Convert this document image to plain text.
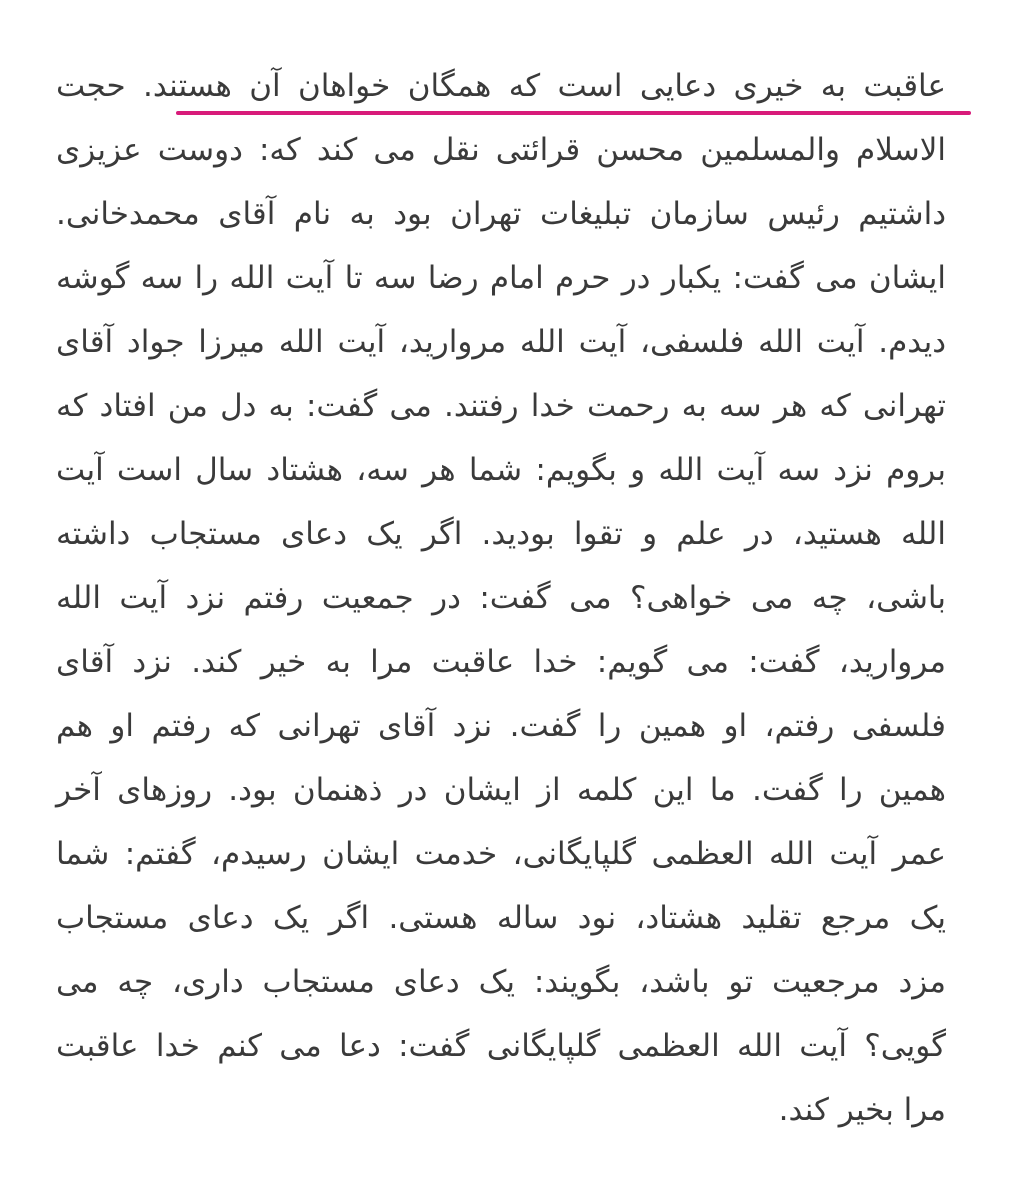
عاقبت به خیری دعایی است که همگان خواهان آن هستند. حجت
الاسلام والمسلمین محسن قرائتی نقل می کند که: دوست عزیزی
داشتیم رئیس سازمان تبلیغات تهران بود به نام آقای محمدخانی.
ایشان می گفت: یکبار در حرم امام رضا سه تا آیت الله را سه گوشه
دیدم. آیت الله فلسفی، آیت الله مروارید، آیت الله میرزا جواد آقای
تهرانی که هر سه به رحمت خدا رفتند. می گفت: به دل من افتاد که
بروم نزد سه آیت الله و بگویم: شما هر سه، هشتاد سال است آیت
الله هستید، در علم و تقوا بودید. اگر یک دعای مستجاب داشته
باشی، چه می خواهی؟ می گفت: در جمعیت رفتم نزد آیت الله
مروارید، گفت: می گویم: خدا عاقبت مرا به خیر کند. نزد آقای
فلسفی رفتم، او همین را گفت. نزد آقای تهرانی که رفتم او هم
همین را گفت. ما این کلمه از ایشان در ذهنمان بود. روزهای آخر
عمر آیت الله العظمی گلپایگانی، خدمت ایشان رسیدم، گفتم: شما
یک مرجع تقلید هشتاد، نود ساله هستی. اگر یک دعای مستجاب
مزد مرجعیت تو باشد، بگویند: یک دعای مستجاب داری، چه می
گویی؟ آیت الله العظمی گلپایگانی گفت: دعا می کنم خدا عاقبت
مرا بخیر کند.
